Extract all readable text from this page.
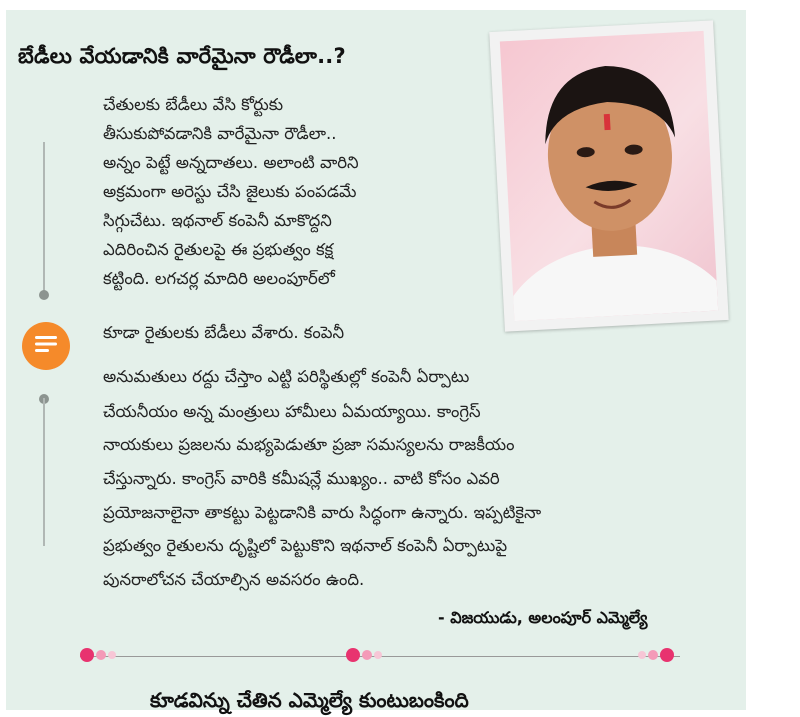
బేడీలు వేయడానికి వారేమైనా రౌడీలా..?
చేతులకు బేడీలు వేసి కోర్టుకు
తీసుకుపోవడానికి వారేమైనా రౌడీలా..
అన్నం పెట్టే అన్నదాతలు. అలాంటి వారిని
అక్రమంగా అరెస్టు చేసి జైలుకు పంపడమే
సిగ్గుచేటు. ఇథనాల్ కంపెనీ మాకొద్దని
ఎదిరించిన రైతులపై ఈ ప్రభుత్వం కక్ష
కట్టింది. లగచర్ల మాదిరి అలంపూర్‌లో
కూడా రైతులకు బేడీలు వేశారు. కంపెనీ
అనుమతులు రద్దు చేస్తాం ఎట్టి పరిస్థితుల్లో కంపెనీ ఏర్పాటు
చేయనీయం అన్న మంత్రులు హామీలు ఏమయ్యాయి. కాంగ్రెస్
నాయకులు ప్రజలను మభ్యపెడుతూ ప్రజా సమస్యలను రాజకీయం
చేస్తున్నారు. కాంగ్రెస్ వారికి కమీషన్లే ముఖ్యం.. వాటి కోసం ఎవరి
ప్రయోజనాలైనా తాకట్టు పెట్టడానికి వారు సిద్ధంగా ఉన్నారు. ఇప్పటికైనా
ప్రభుత్వం రైతులను దృష్టిలో పెట్టుకొని ఇథనాల్ కంపెనీ ఏర్పాటుపై
పునరాలోచన చేయాల్సిన అవసరం ఉంది.
- విజయుడు, అలంపూర్ ఎమ్మెల్యే
కూడవిన్ను చేతిన ఎమ్మెల్యే కుంటుబంకింది
